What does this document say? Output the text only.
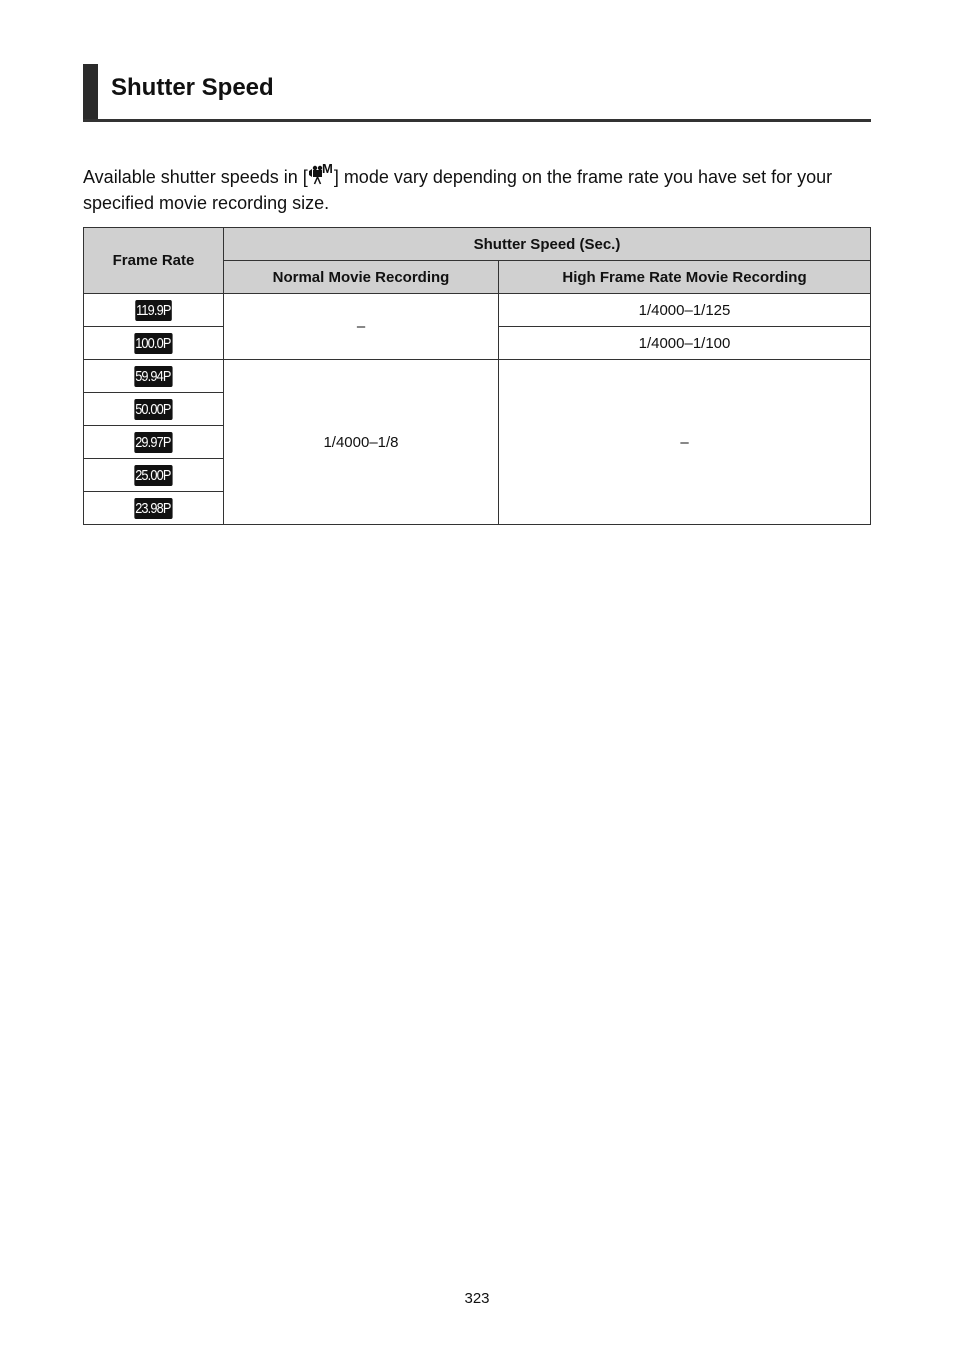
Shutter Speed

Available shutter speeds in [ M ] mode vary depending on the frame rate you have set for your specified movie recording size.

Frame Rate	Shutter Speed (Sec.)	
	Normal Movie Recording	High Frame Rate Movie Recording
119.9P	–	1/4000–1/125
100.0P		1/4000–1/100
59.94P	1/4000–1/8	–
50.00P		
29.97P		
25.00P		
23.98P		
323
